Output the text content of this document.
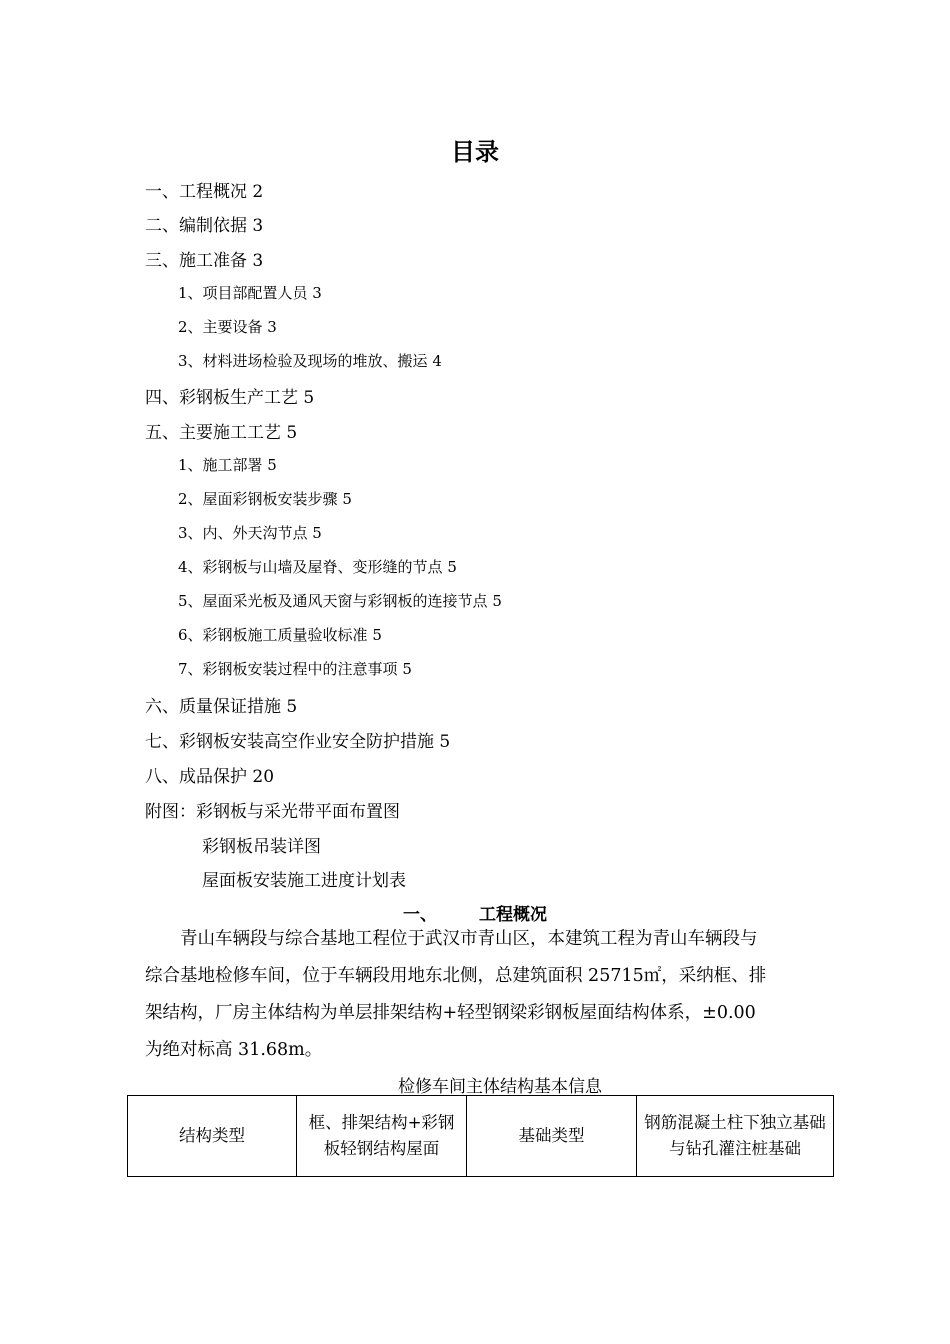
目录
一、工程概况 2
二、编制依据 3
三、施工准备 3
1、项目部配置人员 3
2、主要设备 3
3、材料进场检验及现场的堆放、搬运 4
四、彩钢板生产工艺 5
五、主要施工工艺 5
1、施工部署 5
2、屋面彩钢板安装步骤 5
3、内、外天沟节点 5
4、彩钢板与山墙及屋脊、变形缝的节点 5
5、屋面采光板及通风天窗与彩钢板的连接节点 5
6、彩钢板施工质量验收标准 5
7、彩钢板安装过程中的注意事项 5
六、质量保证措施 5
七、彩钢板安装高空作业安全防护措施 5
八、成品保护 20
附图：彩钢板与采光带平面布置图
彩钢板吊装详图
屋面板安装施工进度计划表
一、 工程概况
青山车辆段与综合基地工程位于武汉市青山区，本建筑工程为青山车辆段与
综合基地检修车间，位于车辆段用地东北侧，总建筑面积 25715㎡，采纳框、排
架结构，厂房主体结构为单层排架结构+轻型钢梁彩钢板屋面结构体系，±0.00
为绝对标高 31.68m。
检修车间主体结构基本信息
结构类型	框、排架结构+彩钢板轻钢结构屋面	基础类型	钢筋混凝土柱下独立基础与钻孔灌注桩基础
